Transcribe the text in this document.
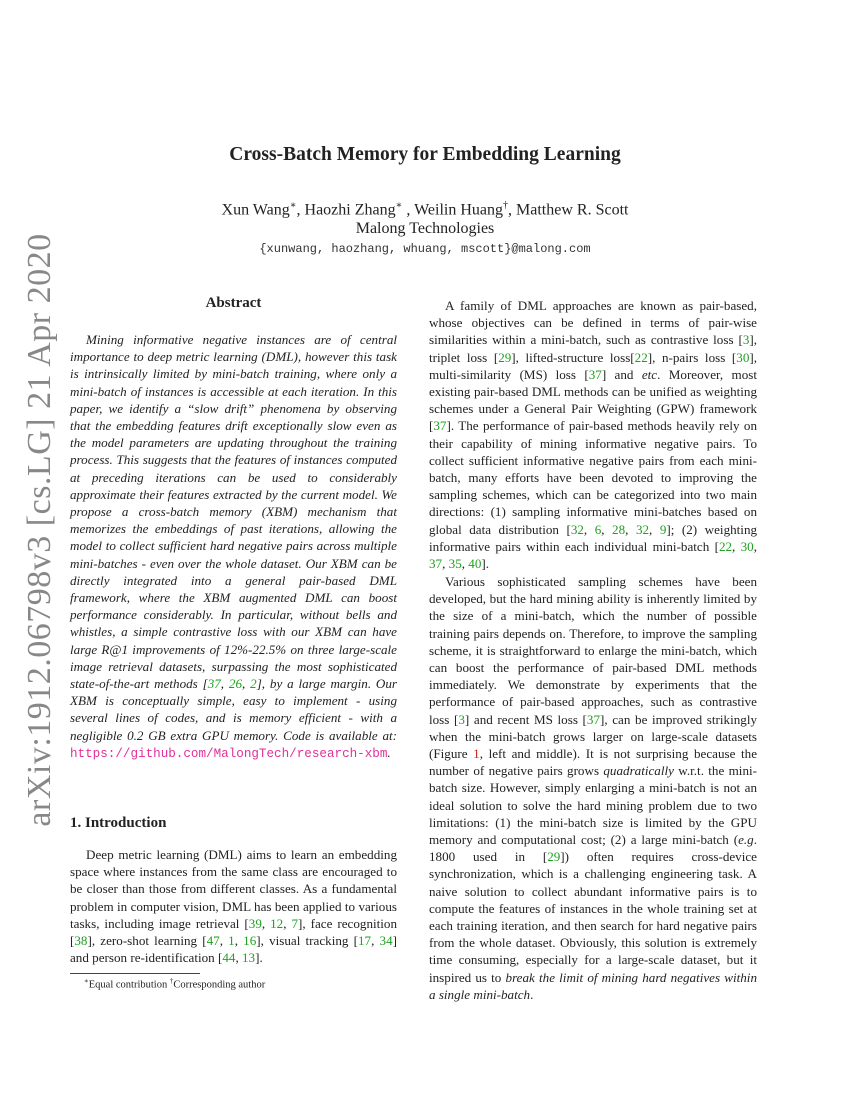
arXiv:1912.06798v3 [cs.LG] 21 Apr 2020
Cross-Batch Memory for Embedding Learning
Xun Wang∗, Haozhi Zhang∗ , Weilin Huang†, Matthew R. Scott
Malong Technologies
{xunwang, haozhang, whuang, mscott}@malong.com
Abstract
Mining informative negative instances are of central importance to deep metric learning (DML), however this task is intrinsically limited by mini-batch training, where only a mini-batch of instances is accessible at each iteration. In this paper, we identify a “slow drift” phenomena by observing that the embedding features drift exceptionally slow even as the model parameters are updating throughout the training process. This suggests that the features of instances computed at preceding iterations can be used to considerably approximate their features extracted by the current model. We propose a cross-batch memory (XBM) mechanism that memorizes the embeddings of past iterations, allowing the model to collect sufficient hard negative pairs across multiple mini-batches - even over the whole dataset. Our XBM can be directly integrated into a general pair-based DML framework, where the XBM augmented DML can boost performance considerably. In particular, without bells and whistles, a simple contrastive loss with our XBM can have large R@1 improvements of 12%-22.5% on three large-scale image retrieval datasets, surpassing the most sophisticated state-of-the-art methods [37, 26, 2], by a large margin. Our XBM is conceptually simple, easy to implement - using several lines of codes, and is memory efficient - with a negligible 0.2 GB extra GPU memory. Code is available at: https://github.com/MalongTech/research-xbm.
1. Introduction
Deep metric learning (DML) aims to learn an embedding space where instances from the same class are encouraged to be closer than those from different classes. As a fundamental problem in computer vision, DML has been applied to various tasks, including image retrieval [39, 12, 7], face recognition [38], zero-shot learning [47, 1, 16], visual tracking [17, 34] and person re-identification [44, 13].
∗Equal contribution †Corresponding author
A family of DML approaches are known as pair-based, whose objectives can be defined in terms of pair-wise similarities within a mini-batch, such as contrastive loss [3], triplet loss [29], lifted-structure loss[22], n-pairs loss [30], multi-similarity (MS) loss [37] and etc. Moreover, most existing pair-based DML methods can be unified as weighting schemes under a General Pair Weighting (GPW) framework [37]. The performance of pair-based methods heavily rely on their capability of mining informative negative pairs. To collect sufficient informative negative pairs from each mini-batch, many efforts have been devoted to improving the sampling schemes, which can be categorized into two main directions: (1) sampling informative mini-batches based on global data distribution [32, 6, 28, 32, 9]; (2) weighting informative pairs within each individual mini-batch [22, 30, 37, 35, 40].
Various sophisticated sampling schemes have been developed, but the hard mining ability is inherently limited by the size of a mini-batch, which the number of possible training pairs depends on. Therefore, to improve the sampling scheme, it is straightforward to enlarge the mini-batch, which can boost the performance of pair-based DML methods immediately. We demonstrate by experiments that the performance of pair-based approaches, such as contrastive loss [3] and recent MS loss [37], can be improved strikingly when the mini-batch grows larger on large-scale datasets (Figure 1, left and middle). It is not surprising because the number of negative pairs grows quadratically w.r.t. the mini-batch size. However, simply enlarging a mini-batch is not an ideal solution to solve the hard mining problem due to two limitations: (1) the mini-batch size is limited by the GPU memory and computational cost; (2) a large mini-batch (e.g. 1800 used in [29]) often requires cross-device synchronization, which is a challenging engineering task. A naive solution to collect abundant informative pairs is to compute the features of instances in the whole training set at each training iteration, and then search for hard negative pairs from the whole dataset. Obviously, this solution is extremely time consuming, especially for a large-scale dataset, but it inspired us to break the limit of mining hard negatives within a single mini-batch.
